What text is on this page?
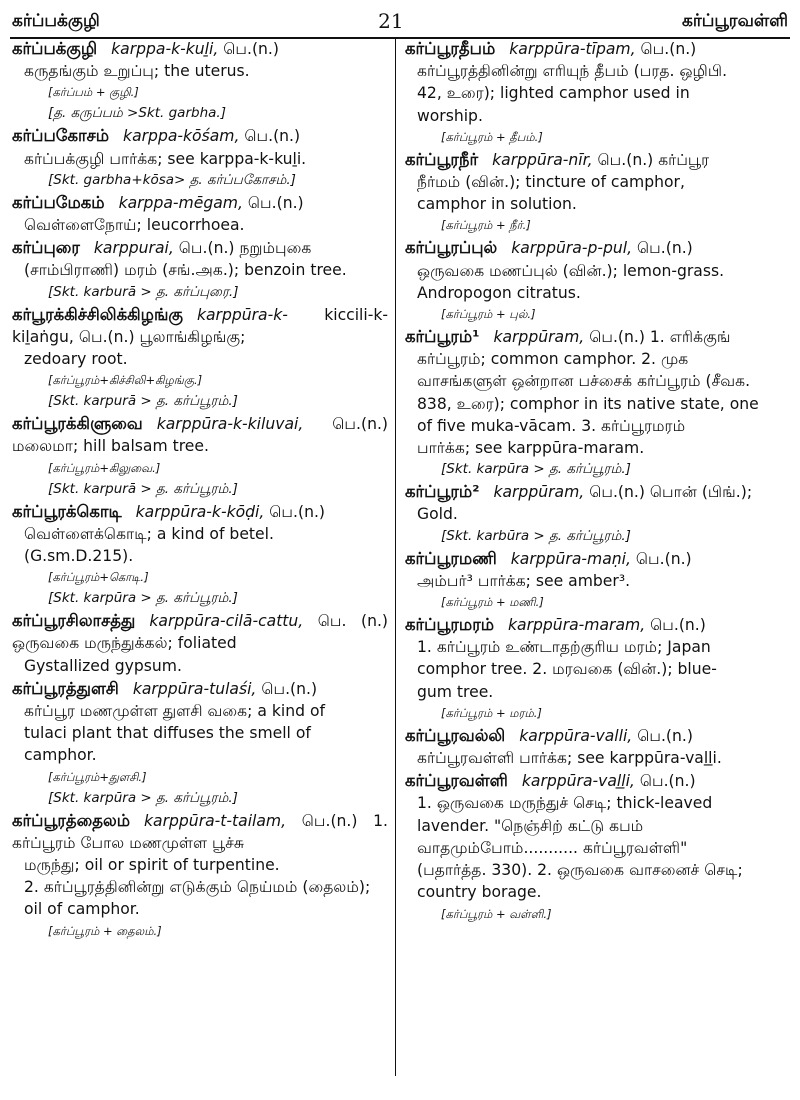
கர்ப்பக்குழி	21	கர்ப்பூரவள்ளி
கர்ப்பக்குழி karppa-k-kuḻi, பெ.(n.)
கருதங்கும் உறுப்பு; the uterus.
[கர்ப்பம் + குழி.]
[த. கருப்பம் >Skt. garbha.]
கர்ப்பகோசம் karppa-kōśam, பெ.(n.)
கர்ப்பக்குழி பார்க்க; see karppa-k-kuḻi.
[Skt. garbha+kōsa> த. கர்ப்பகோசம்.]
கர்ப்பமேகம் karppa-mēgam, பெ.(n.)
வெள்ளைநோய்; leucorrhoea.
கர்ப்புரை karppurai, பெ.(n.) நறும்புகை
(சாம்பிராணி) மரம் (சங்.அக.); benzoin tree.
[Skt. karburā > த. கர்ப்புரை.]
கர்பூரக்கிச்சிலிக்கிழங்கு karppūra-k- kiccili-k-kiḻaṅgu, பெ.(n.) பூலாங்கிழங்கு;
zedoary root.
[கர்ப்பூரம்+கிச்சிலி+கிழங்கு.]
[Skt. karpurā > த. கர்ப்பூரம்.]
கர்ப்பூரக்கிளுவை karppūra-k-kiluvai, பெ.(n.) மலைமா; hill balsam tree.
[கர்ப்பூரம்+கிலுவை.]
[Skt. karpurā > த. கர்ப்பூரம்.]
கர்ப்பூரக்கொடி karppūra-k-kōḍi, பெ.(n.)
வெள்ளைக்கொடி; a kind of betel.
(G.sm.D.215).
[கர்ப்பூரம்+கொடி.]
[Skt. karpūra > த. கர்ப்பூரம்.]
கர்ப்பூரசிலாசத்து karppūra-cilā-cattu, பெ. (n.) ஒருவகை மருந்துக்கல்; foliated
Gystallized gypsum.
கர்ப்பூரத்துளசி karppūra-tulaśi, பெ.(n.)
கர்ப்பூர மணமுள்ள துளசி வகை; a kind of
tulaci plant that diffuses the smell of
camphor.
[கர்ப்பூரம்+துளசி.]
[Skt. karpūra > த. கர்ப்பூரம்.]
கர்ப்பூரத்தைலம் karppūra-t-tailam, பெ.(n.) 1. கர்ப்பூரம் போல மணமுள்ள பூச்சு
மருந்து; oil or spirit of turpentine.
2. கர்ப்பூரத்தினின்று எடுக்கும் நெய்மம் (தைலம்);
oil of camphor.
[கர்ப்பூரம் + தைலம்.]
கர்ப்பூரதீபம் karppūra-tīpam, பெ.(n.)
கர்ப்பூரத்தினின்று எரியுந் தீபம் (பரத. ஒழிபி.
42, உரை); lighted camphor used in
worship.
[கர்ப்பூரம் + தீபம்.]
கர்ப்பூரநீர் karppūra-nīr, பெ.(n.) கர்ப்பூர
நீர்மம் (வின்.); tincture of camphor,
camphor in solution.
[கர்ப்பூரம் + நீர்.]
கர்ப்பூரப்புல் karppūra-p-pul, பெ.(n.)
ஒருவகை மணப்புல் (வின்.); lemon-grass.
Andropogon citratus.
[கர்ப்பூரம் + புல்.]
கர்ப்பூரம்¹ karppūram, பெ.(n.) 1. எரிக்குங்
கர்ப்பூரம்; common camphor. 2. முக
வாசங்களுள் ஒன்றான பச்சைக் கர்ப்பூரம் (சீவக.
838, உரை); comphor in its native state, one
of five muka-vācam. 3. கர்ப்பூரமரம்
பார்க்க; see karppūra-maram.
[Skt. karpūra > த. கர்ப்பூரம்.]
கர்ப்பூரம்² karppūram, பெ.(n.) பொன் (பிங்.);
Gold.
[Skt. karbūra > த. கர்ப்பூரம்.]
கர்ப்பூரமணி karppūra-maṇi, பெ.(n.)
அம்பர்³ பார்க்க; see amber³.
[கர்ப்பூரம் + மணி.]
கர்ப்பூரமரம் karppūra-maram, பெ.(n.)
1. கர்ப்பூரம் உண்டாதற்குரிய மரம்; Japan
comphor tree. 2. மரவகை (வின்.); blue-
gum tree.
[கர்ப்பூரம் + மரம்.]
கர்ப்பூரவல்லி karppūra-valli, பெ.(n.)
கர்ப்பூரவள்ளி பார்க்க; see karppūra-vaḻḻi.
கர்ப்பூரவள்ளி karppūra-vaḻḻi, பெ.(n.)
1. ஒருவகை மருந்துச் செடி; thick-leaved
lavender. "நெஞ்சிற் கட்டு கபம்
வாதமும்போம்........... கர்ப்பூரவள்ளி"
(பதார்த்த. 330). 2. ஒருவகை வாசனைச் செடி;
country borage.
[கர்ப்பூரம் + வள்ளி.]
